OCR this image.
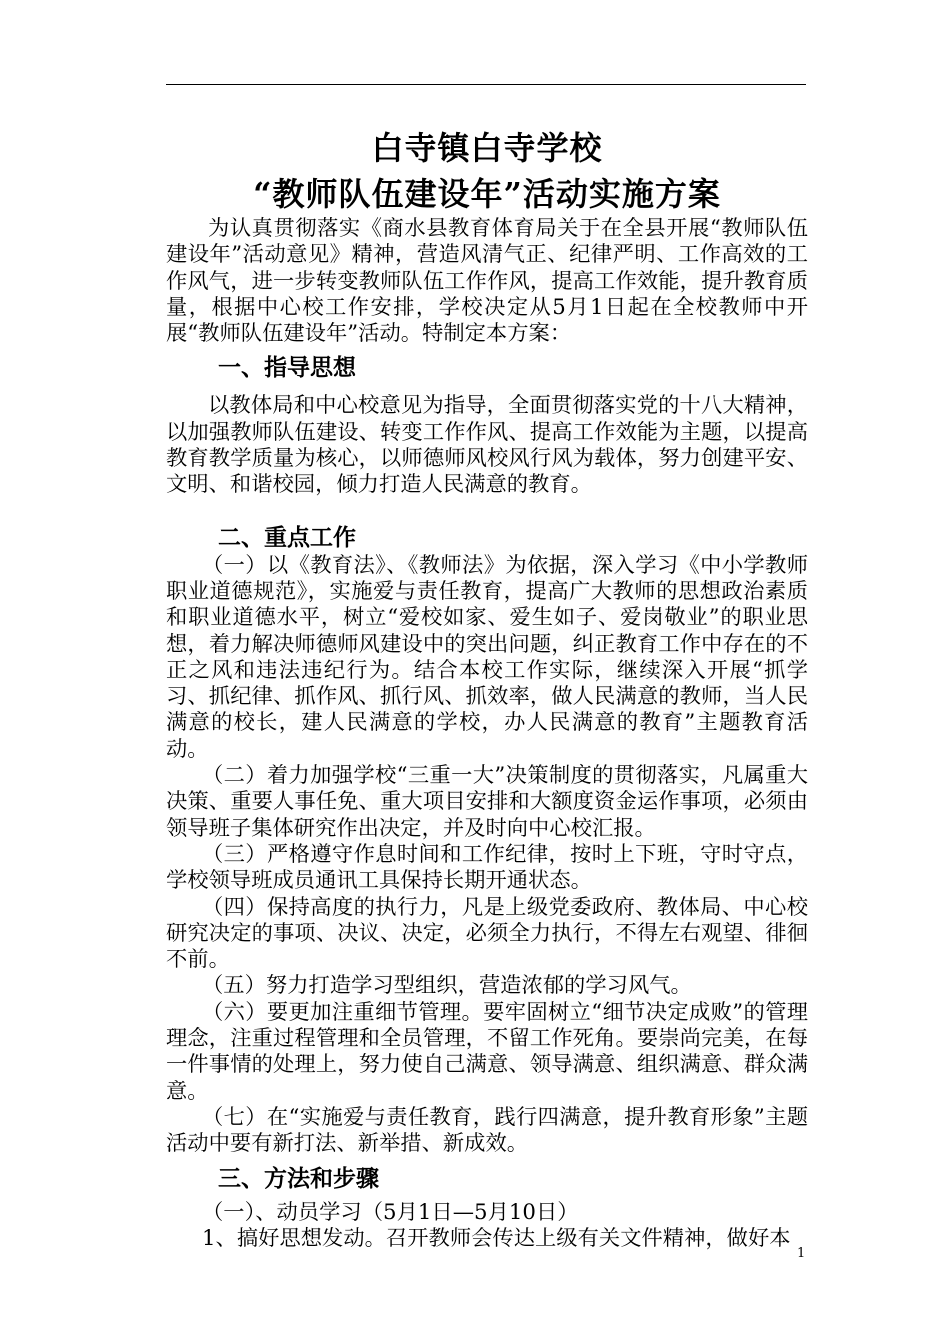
白寺镇白寺学校
“教师队伍建设年”活动实施方案

为认真贯彻落实《商水县教育体育局关于在全县开展“教师队伍建设年”活动意见》精神，营造风清气正、纪律严明、工作高效的工作风气，进一步转变教师队伍工作作风，提高工作效能，提升教育质量，根据中心校工作安排，学校决定从5月1日起在全校教师中开展“教师队伍建设年”活动。特制定本方案：

一、指导思想

以教体局和中心校意见为指导，全面贯彻落实党的十八大精神，以加强教师队伍建设、转变工作作风、提高工作效能为主题，以提高教育教学质量为核心，以师德师风校风行风为载体，努力创建平安、文明、和谐校园，倾力打造人民满意的教育。

二、重点工作

（一）以《教育法》、《教师法》为依据，深入学习《中小学教师职业道德规范》，实施爱与责任教育，提高广大教师的思想政治素质和职业道德水平，树立“爱校如家、爱生如子、爱岗敬业”的职业思想，着力解决师德师风建设中的突出问题，纠正教育工作中存在的不正之风和违法违纪行为。结合本校工作实际，继续深入开展“抓学习、抓纪律、抓作风、抓行风、抓效率，做人民满意的教师，当人民满意的校长，建人民满意的学校，办人民满意的教育”主题教育活动。

（二）着力加强学校“三重一大”决策制度的贯彻落实，凡属重大决策、重要人事任免、重大项目安排和大额度资金运作事项，必须由领导班子集体研究作出决定，并及时向中心校汇报。

（三）严格遵守作息时间和工作纪律，按时上下班，守时守点，学校领导班成员通讯工具保持长期开通状态。

（四）保持高度的执行力，凡是上级党委政府、教体局、中心校研究决定的事项、决议、决定，必须全力执行，不得左右观望、徘徊不前。

（五）努力打造学习型组织，营造浓郁的学习风气。

（六）要更加注重细节管理。要牢固树立“细节决定成败”的管理理念，注重过程管理和全员管理，不留工作死角。要崇尚完美，在每一件事情的处理上，努力使自己满意、领导满意、组织满意、群众满意。

（七）在“实施爱与责任教育，践行四满意，提升教育形象”主题活动中要有新打法、新举措、新成效。

三、方法和步骤

（一）、动员学习（5月1日—5月10日）

1、搞好思想发动。召开教师会传达上级有关文件精神，做好本

1
